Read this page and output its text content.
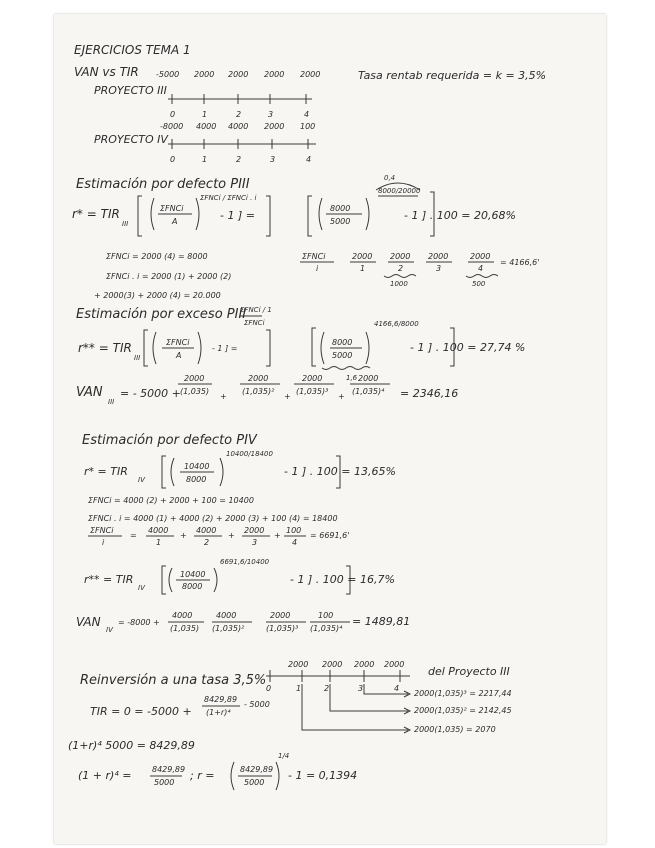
EJERCICIOS TEMA 1
VAN vs TIR	Tasa rentab requerida = k = 3,5%
-5000 2000 2000 2000 2000
PROYECTO III
0	1	2	3	4
-8000 4000 4000 2000 100
PROYECTO IV
0	1	2	3	4
Estimación por defecto PIII
r* = TIR
III
ΣFNCi
A
ΣFNCi / ΣFNCi . i
- 1 ] =
8000
5000
0,4
8000/20000
- 1 ] . 100 = 20,68%
ΣFNCi = 2000 (4) = 8000
ΣFNCi . i = 2000 (1) + 2000 (2)
+ 2000(3) + 2000 (4) = 20.000
ΣFNCi
i
2000
1
2000
2
2000
3
2000
4
1000	500
= 4166,6'
Estimación por exceso PIII
r** = TIR
III
ΣFNCi
A
ΣFNCi / 1
ΣFNCi
- 1 ] =
8000
5000
4166,6/8000
1,6
- 1 ] . 100 = 27,74 %
VAN
III
= - 5000 +
2000
(1,035)
+
2000
(1,035)²
+
2000
(1,035)³
+
2000
(1,035)⁴ = 2346,16
Estimación por defecto PIV
r* = TIR
IV
10400
8000
10400/18400
- 1 ] . 100 = 13,65%
ΣFNCi = 4000 (2) + 2000 + 100 = 10400
ΣFNCi . i = 4000 (1) + 4000 (2) + 2000 (3) + 100 (4) = 18400
ΣFNCi
i
=
4000
1
+
4000
2
+
2000
3
+
100
4
= 6691,6'
r** = TIR
IV
10400
8000
6691,6/10400
- 1 ] . 100 = 16,7%
VAN
IV
= -8000 +
4000
(1,035)
4000
(1,035)²
2000
(1,035)³
100
(1,035)⁴
= 1489,81
Reinversión a una tasa 3,5%
del Proyecto III
2000 2000 2000 2000
0	1	2	3	4
TIR = 0 = -5000 +
8429,89
(1+r)⁴
- 5000
2000(1,035)³ = 2217,44
2000(1,035)² = 2142,45
2000(1,035) = 2070
(1+r)⁴ 5000 = 8429,89
(1 + r)⁴ =	8429,89
5000
; r =	8429,89
5000
1/4
- 1 = 0,1394
